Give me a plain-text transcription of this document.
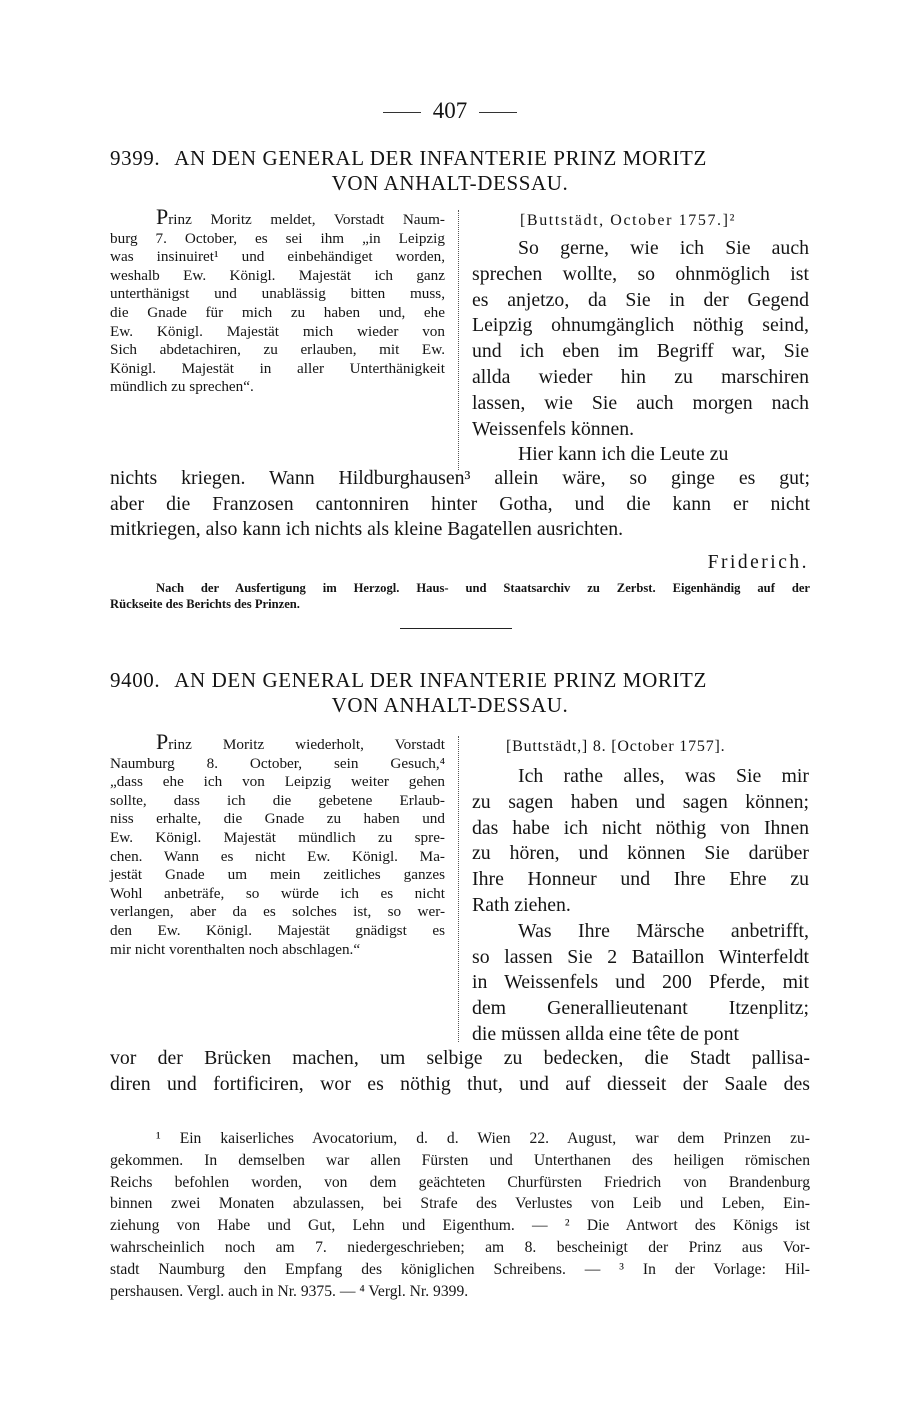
407
9399. AN DEN GENERAL DER INFANTERIE PRINZ MORITZ
VON ANHALT-DESSAU.
Prinz Moritz meldet, Vorstadt Naum-
burg 7. October, es sei ihm „in Leipzig
was insinuiret¹ und einbehändiget worden,
weshalb Ew. Königl. Majestät ich ganz
unterthänigst und unablässig bitten muss,
die Gnade für mich zu haben und, ehe
Ew. Königl. Majestät mich wieder von
Sich abdetachiren, zu erlauben, mit Ew.
Königl. Majestät in aller Unterthänigkeit
mündlich zu sprechen“.
[Buttstädt, October 1757.]²
So gerne, wie ich Sie auch
sprechen wollte, so ohnmöglich ist
es anjetzo, da Sie in der Gegend
Leipzig ohnumgänglich nöthig seind,
und ich eben im Begriff war, Sie
allda wieder hin zu marschiren
lassen, wie Sie auch morgen nach
Weissenfels können.
Hier kann ich die Leute zu
nichts kriegen. Wann Hildburghausen³ allein wäre, so ginge es gut;
aber die Franzosen cantonniren hinter Gotha, und die kann er nicht
mitkriegen, also kann ich nichts als kleine Bagatellen ausrichten.
Friderich.
Nach der Ausfertigung im Herzogl. Haus- und Staatsarchiv zu Zerbst. Eigenhändig auf der
Rückseite des Berichts des Prinzen.
9400. AN DEN GENERAL DER INFANTERIE PRINZ MORITZ
VON ANHALT-DESSAU.
Prinz Moritz wiederholt, Vorstadt
Naumburg 8. October, sein Gesuch,⁴
„dass ehe ich von Leipzig weiter gehen
sollte, dass ich die gebetene Erlaub-
niss erhalte, die Gnade zu haben und
Ew. Königl. Majestät mündlich zu spre-
chen. Wann es nicht Ew. Königl. Ma-
jestät Gnade um mein zeitliches ganzes
Wohl anbeträfe, so würde ich es nicht
verlangen, aber da es solches ist, so wer-
den Ew. Königl. Majestät gnädigst es
mir nicht vorenthalten noch abschlagen.“
[Buttstädt,] 8. [October 1757].
Ich rathe alles, was Sie mir
zu sagen haben und sagen können;
das habe ich nicht nöthig von Ihnen
zu hören, und können Sie darüber
Ihre Honneur und Ihre Ehre zu
Rath ziehen.
Was Ihre Märsche anbetrifft,
so lassen Sie 2 Bataillon Winterfeldt
in Weissenfels und 200 Pferde, mit
dem Generallieutenant Itzenplitz;
die müssen allda eine tête de pont
vor der Brücken machen, um selbige zu bedecken, die Stadt pallisa-
diren und fortificiren, wor es nöthig thut, und auf diesseit der Saale des
¹ Ein kaiserliches Avocatorium, d. d. Wien 22. August, war dem Prinzen zu-
gekommen. In demselben war allen Fürsten und Unterthanen des heiligen römischen
Reichs befohlen worden, von dem geächteten Churfürsten Friedrich von Brandenburg
binnen zwei Monaten abzulassen, bei Strafe des Verlustes von Leib und Leben, Ein-
ziehung von Habe und Gut, Lehn und Eigenthum. — ² Die Antwort des Königs ist
wahrscheinlich noch am 7. niedergeschrieben; am 8. bescheinigt der Prinz aus Vor-
stadt Naumburg den Empfang des königlichen Schreibens. — ³ In der Vorlage: Hil-
pershausen. Vergl. auch in Nr. 9375. — ⁴ Vergl. Nr. 9399.
